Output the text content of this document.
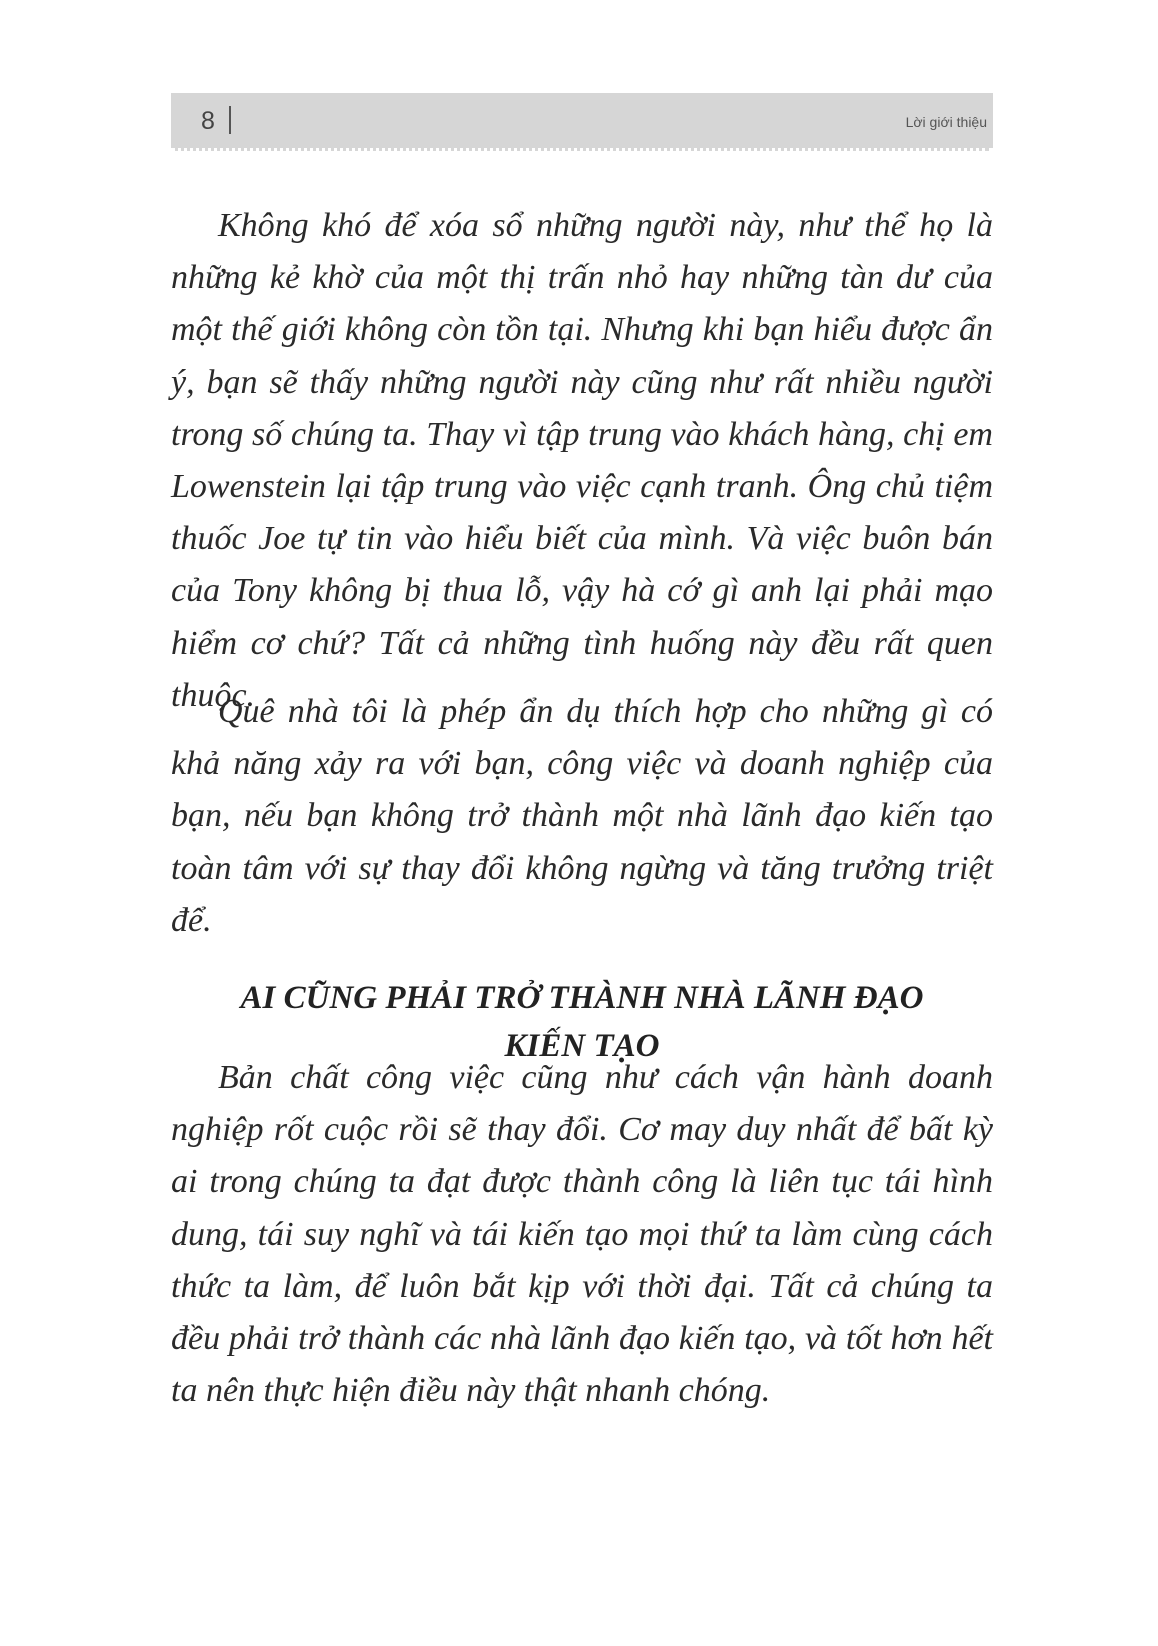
8	Lời giới thiệu

Không khó để xóa sổ những người này, như thể họ là những kẻ khờ của một thị trấn nhỏ hay những tàn dư của một thế giới không còn tồn tại. Nhưng khi bạn hiểu được ẩn ý, bạn sẽ thấy những người này cũng như rất nhiều người trong số chúng ta. Thay vì tập trung vào khách hàng, chị em Lowenstein lại tập trung vào việc cạnh tranh. Ông chủ tiệm thuốc Joe tự tin vào hiểu biết của mình. Và việc buôn bán của Tony không bị thua lỗ, vậy hà cớ gì anh lại phải mạo hiểm cơ chứ? Tất cả những tình huống này đều rất quen thuộc.

Quê nhà tôi là phép ẩn dụ thích hợp cho những gì có khả năng xảy ra với bạn, công việc và doanh nghiệp của bạn, nếu bạn không trở thành một nhà lãnh đạo kiến tạo toàn tâm với sự thay đổi không ngừng và tăng trưởng triệt để.

AI CŨNG PHẢI TRỞ THÀNH NHÀ LÃNH ĐẠO
KIẾN TẠO

Bản chất công việc cũng như cách vận hành doanh nghiệp rốt cuộc rồi sẽ thay đổi. Cơ may duy nhất để bất kỳ ai trong chúng ta đạt được thành công là liên tục tái hình dung, tái suy nghĩ và tái kiến tạo mọi thứ ta làm cùng cách thức ta làm, để luôn bắt kịp với thời đại. Tất cả chúng ta đều phải trở thành các nhà lãnh đạo kiến tạo, và tốt hơn hết ta nên thực hiện điều này thật nhanh chóng.
